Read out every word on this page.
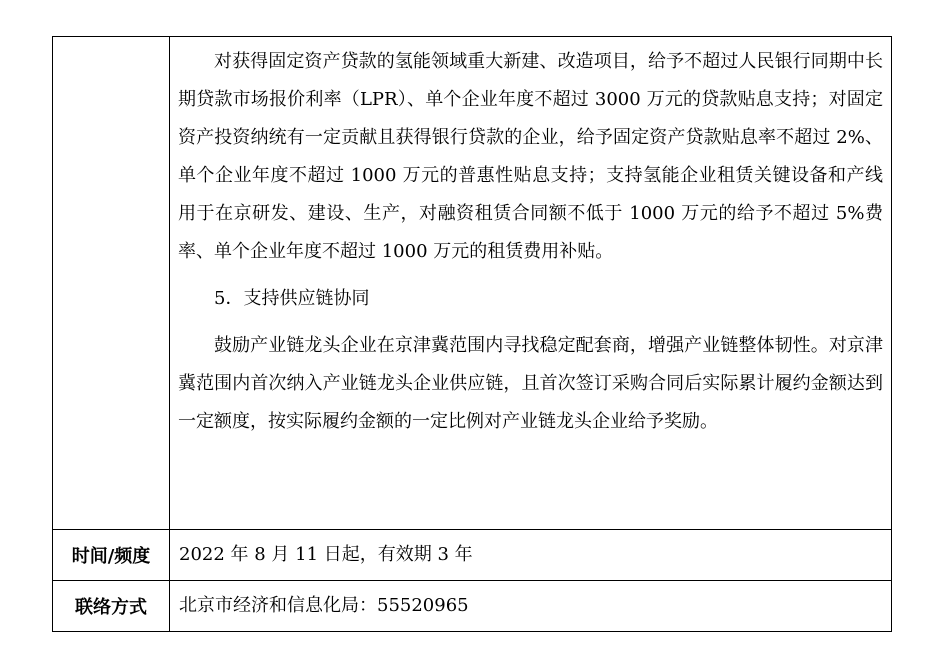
	对获得固定资产贷款的氢能领域重大新建、改造项目，给予不超过人民银行同期中长期贷款市场报价利率（LPR）、单个企业年度不超过 3000 万元的贷款贴息支持；对固定资产投资纳统有一定贡献且获得银行贷款的企业，给予固定资产贷款贴息率不超过 2%、单个企业年度不超过 1000 万元的普惠性贴息支持；支持氢能企业租赁关键设备和产线用于在京研发、建设、生产，对融资租赁合同额不低于 1000 万元的给予不超过 5%费率、单个企业年度不超过 1000 万元的租赁费用补贴。

5．支持供应链协同

鼓励产业链龙头企业在京津冀范围内寻找稳定配套商，增强产业链整体韧性。对京津冀范围内首次纳入产业链龙头企业供应链，且首次签订采购合同后实际累计履约金额达到一定额度，按实际履约金额的一定比例对产业链龙头企业给予奖励。

时间/频度	2022 年 8 月 11 日起，有效期 3 年
联络方式	北京市经济和信息化局：55520965
